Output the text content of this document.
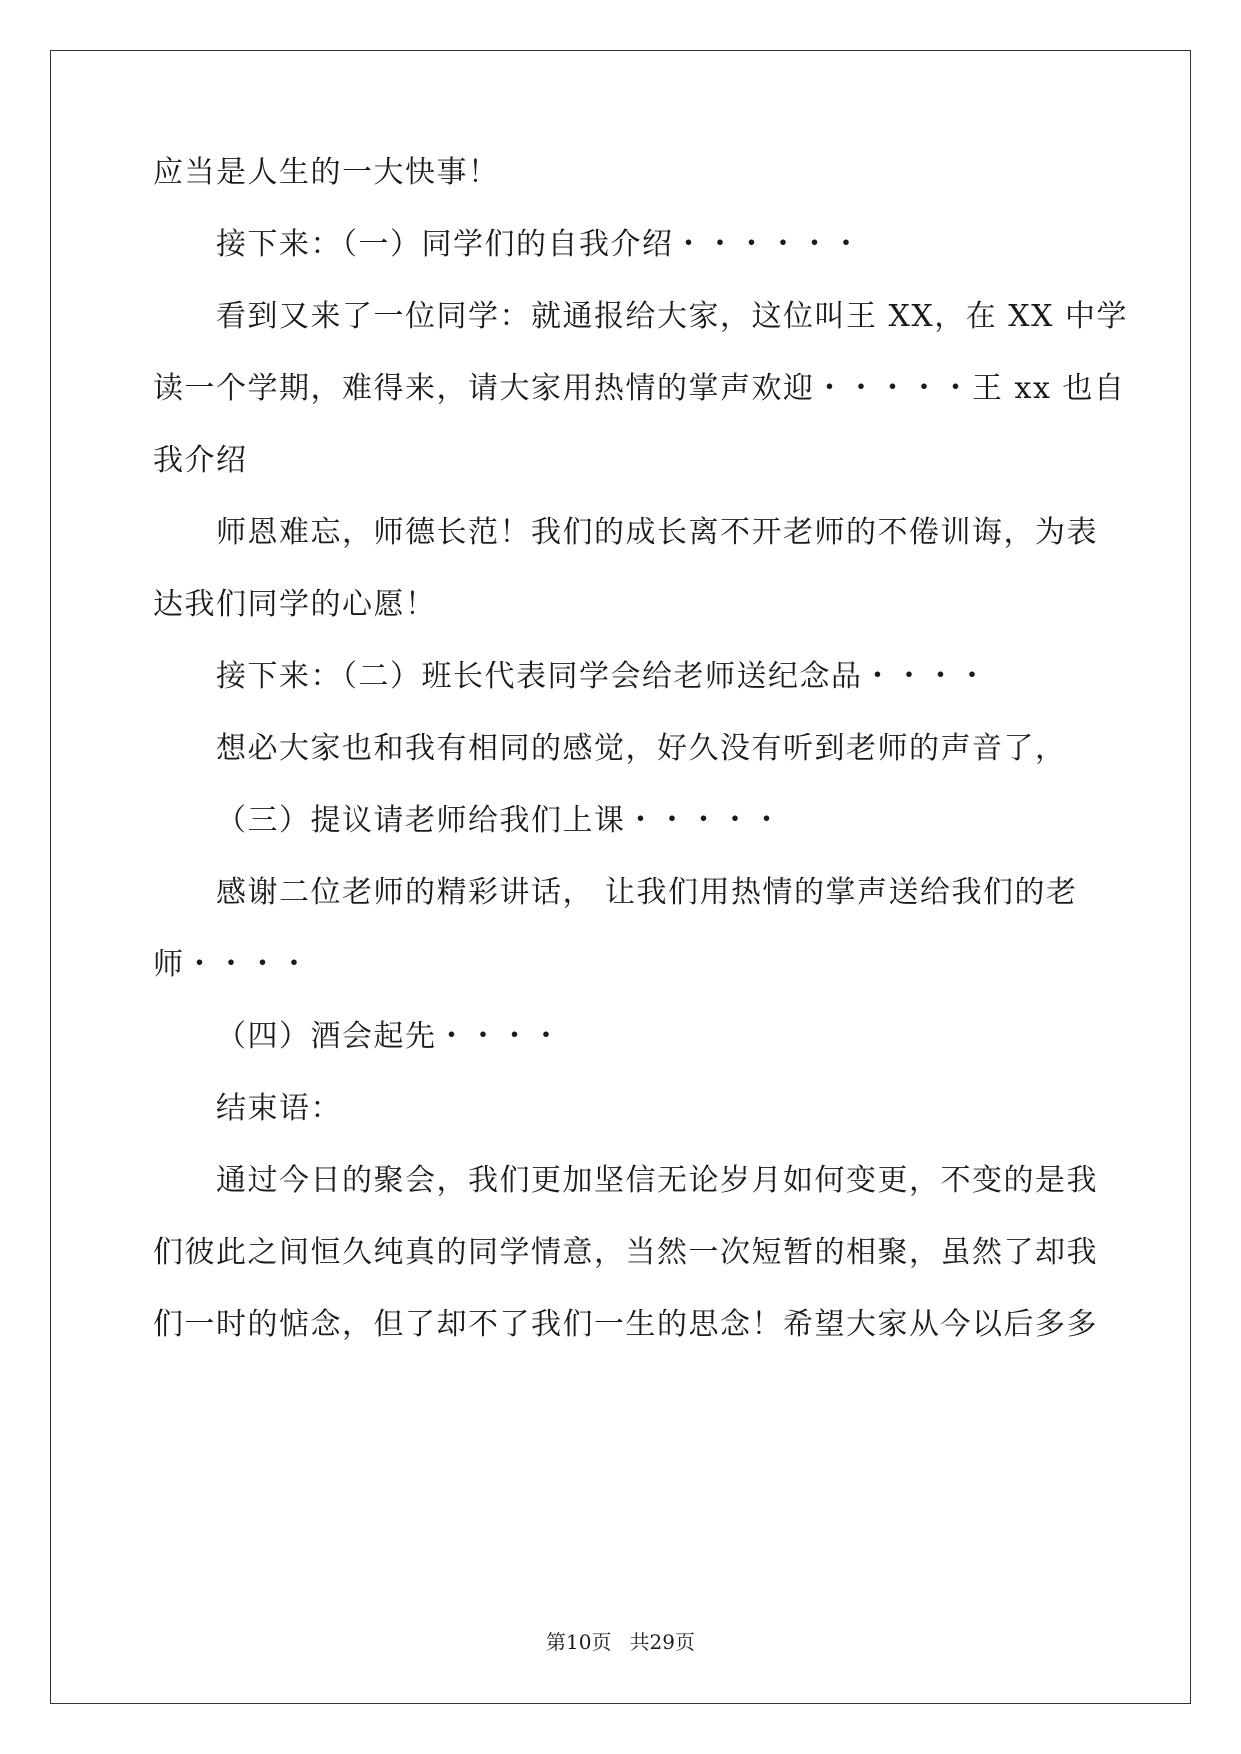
应当是人生的一大快事！
接下来：（一）同学们的自我介绍・・・・・・
看到又来了一位同学：就通报给大家，这位叫王 XX，在 XX 中学
读一个学期，难得来，请大家用热情的掌声欢迎・・・・・王 xx 也自
我介绍
师恩难忘，师德长范！我们的成长离不开老师的不倦训诲，为表
达我们同学的心愿！
接下来：（二）班长代表同学会给老师送纪念品・・・・
想必大家也和我有相同的感觉，好久没有听到老师的声音了，
（三）提议请老师给我们上课・・・・・
感谢二位老师的精彩讲话， 让我们用热情的掌声送给我们的老
师・・・・
（四）酒会起先・・・・
结束语：
通过今日的聚会，我们更加坚信无论岁月如何变更，不变的是我
们彼此之间恒久纯真的同学情意，当然一次短暂的相聚，虽然了却我
们一时的惦念，但了却不了我们一生的思念！希望大家从今以后多多
第10页 共29页
